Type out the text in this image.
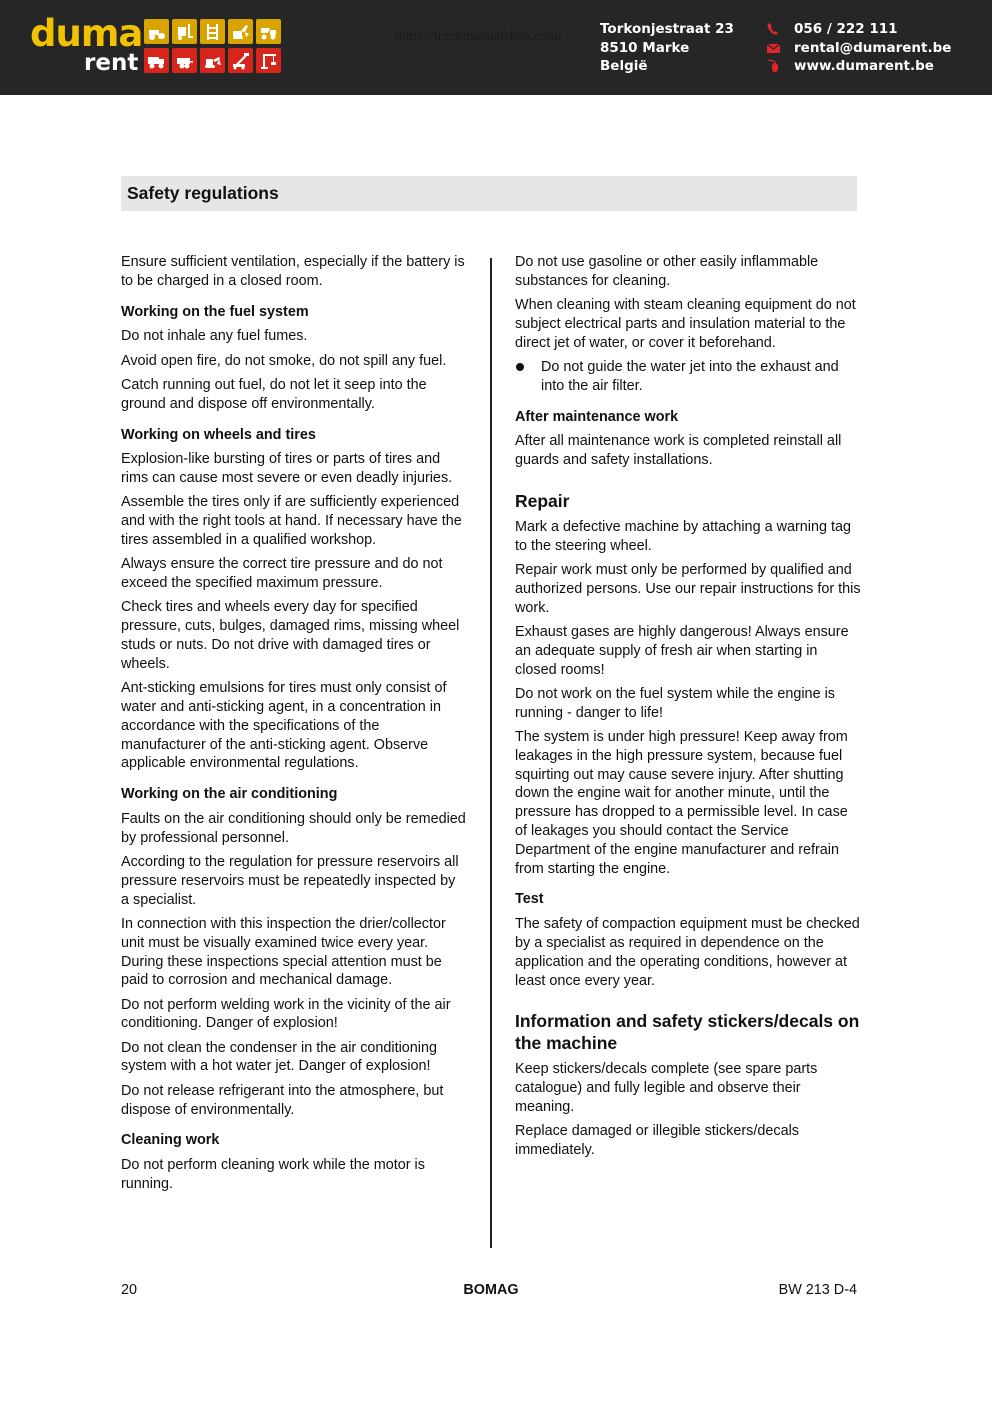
duma
rent
https://truckmanualshub.com/	Torkonjestraat 23
8510 Marke
België
056 / 222 111
rental@dumarent.be
www.dumarent.be
Safety regulations

Ensure sufficient ventilation, especially if the battery is to be charged in a closed room.

Working on the fuel system

Do not inhale any fuel fumes.

Avoid open fire, do not smoke, do not spill any fuel.

Catch running out fuel, do not let it seep into the ground and dispose off environmentally.

Working on wheels and tires

Explosion-like bursting of tires or parts of tires and rims can cause most severe or even deadly injuries.

Assemble the tires only if are sufficiently experienced and with the right tools at hand. If necessary have the tires assembled in a qualified workshop.

Always ensure the correct tire pressure and do not exceed the specified maximum pressure.

Check tires and wheels every day for specified pressure, cuts, bulges, damaged rims, missing wheel studs or nuts. Do not drive with damaged tires or wheels.

Ant-sticking emulsions for tires must only consist of water and anti-sticking agent, in a concentration in accordance with the specifications of the manufacturer of the anti-sticking agent. Observe applicable environmental regulations.

Working on the air conditioning

Faults on the air conditioning should only be remedied by professional personnel.

According to the regulation for pressure reservoirs all pressure reservoirs must be repeatedly inspected by a specialist.

In connection with this inspection the drier/collector unit must be visually examined twice every year. During these inspections special attention must be paid to corrosion and mechanical damage.

Do not perform welding work in the vicinity of the air conditioning. Danger of explosion!

Do not clean the condenser in the air conditioning system with a hot water jet. Danger of explosion!

Do not release refrigerant into the atmosphere, but dispose of environmentally.

Cleaning work

Do not perform cleaning work while the motor is running.

Do not use gasoline or other easily inflammable substances for cleaning.

When cleaning with steam cleaning equipment do not subject electrical parts and insulation material to the direct jet of water, or cover it beforehand.

Do not guide the water jet into the exhaust and into the air filter.
After maintenance work

After all maintenance work is completed reinstall all guards and safety installations.

Repair

Mark a defective machine by attaching a warning tag to the steering wheel.

Repair work must only be performed by qualified and authorized persons. Use our repair instructions for this work.

Exhaust gases are highly dangerous! Always ensure an adequate supply of fresh air when starting in closed rooms!

Do not work on the fuel system while the engine is running - danger to life!

The system is under high pressure! Keep away from leakages in the high pressure system, because fuel squirting out may cause severe injury. After shutting down the engine wait for another minute, until the pressure has dropped to a permissible level. In case of leakages you should contact the Service Department of the engine manufacturer and refrain from starting the engine.

Test

The safety of compaction equipment must be checked by a specialist as required in dependence on the application and the operating conditions, however at least once every year.

Information and safety stickers/decals on the machine

Keep stickers/decals complete (see spare parts catalogue) and fully legible and observe their meaning.

Replace damaged or illegible stickers/decals immediately.

20	BOMAG	BW 213 D-4
